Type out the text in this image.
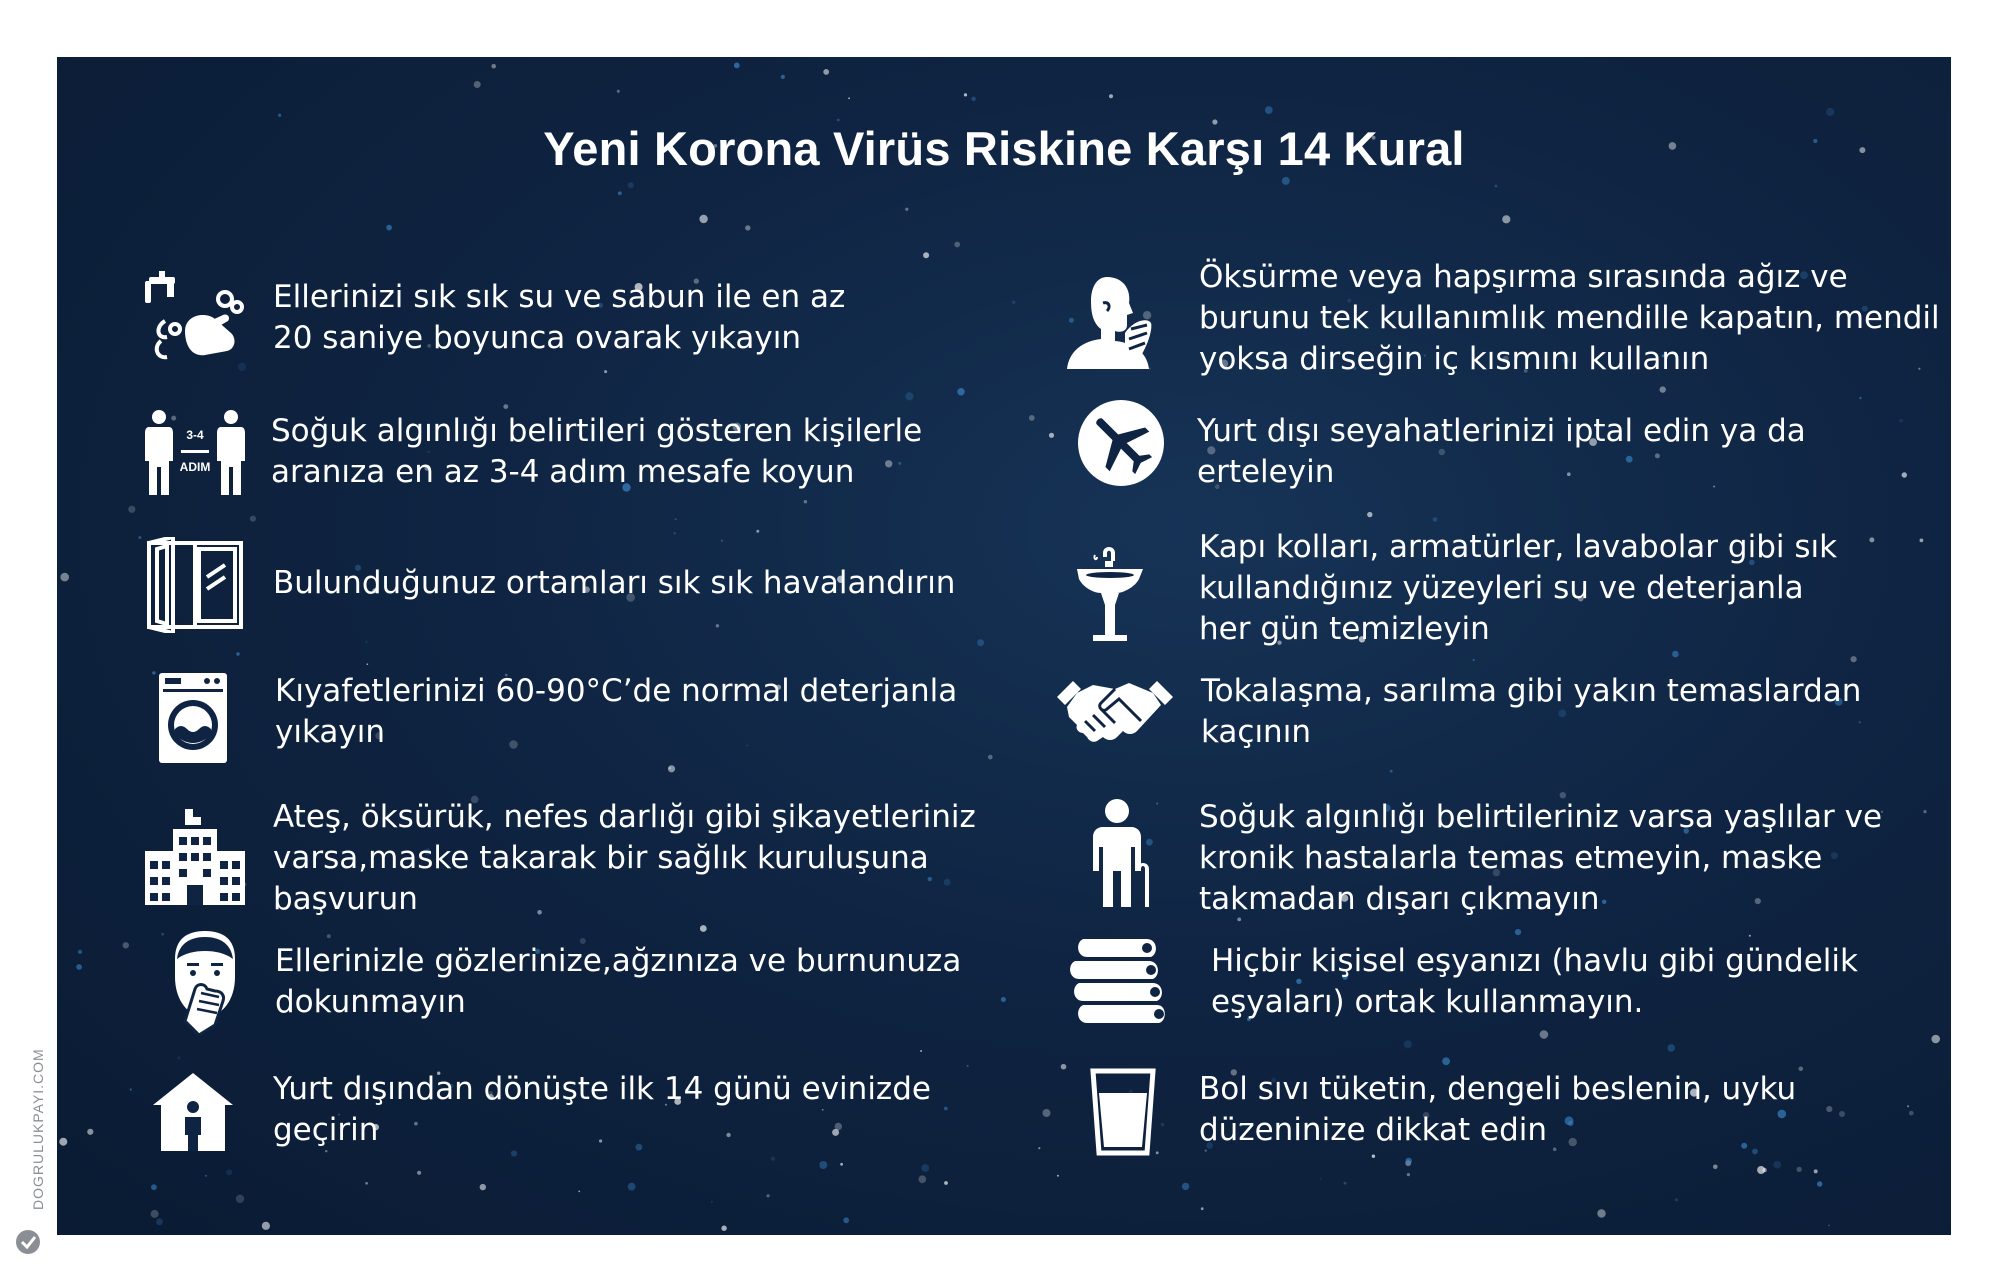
Yeni Korona Virüs Riskine Karşı 14 Kural
Ellerinizi sık sık su ve sabun ile en az
20 saniye boyunca ovarak yıkayın
3-4
ADIM
Soğuk algınlığı belirtileri gösteren kişilerle
aranıza en az 3-4 adım mesafe koyun
Bulunduğunuz ortamları sık sık havalandırın
Kıyafetlerinizi 60-90°C’de normal deterjanla
yıkayın
Ateş, öksürük, nefes darlığı gibi şikayetleriniz
varsa,maske takarak bir sağlık kuruluşuna
başvurun
Ellerinizle gözlerinize,ağzınıza ve burnunuza
dokunmayın
Yurt dışından dönüşte ilk 14 günü evinizde
geçirin
Öksürme veya hapşırma sırasında ağız ve
burunu tek kullanımlık mendille kapatın, mendil
yoksa dirseğin iç kısmını kullanın
Yurt dışı seyahatlerinizi iptal edin ya da
erteleyin
Kapı kolları, armatürler, lavabolar gibi sık
kullandığınız yüzeyleri su ve deterjanla
her gün temizleyin
Tokalaşma, sarılma gibi yakın temaslardan
kaçının
Soğuk algınlığı belirtileriniz varsa yaşlılar ve
kronik hastalarla temas etmeyin, maske
takmadan dışarı çıkmayın
Hiçbir kişisel eşyanızı (havlu gibi gündelik
eşyaları) ortak kullanmayın.
Bol sıvı tüketin, dengeli beslenin, uyku
düzeninize dikkat edin
DOGRULUKPAYI.COM
